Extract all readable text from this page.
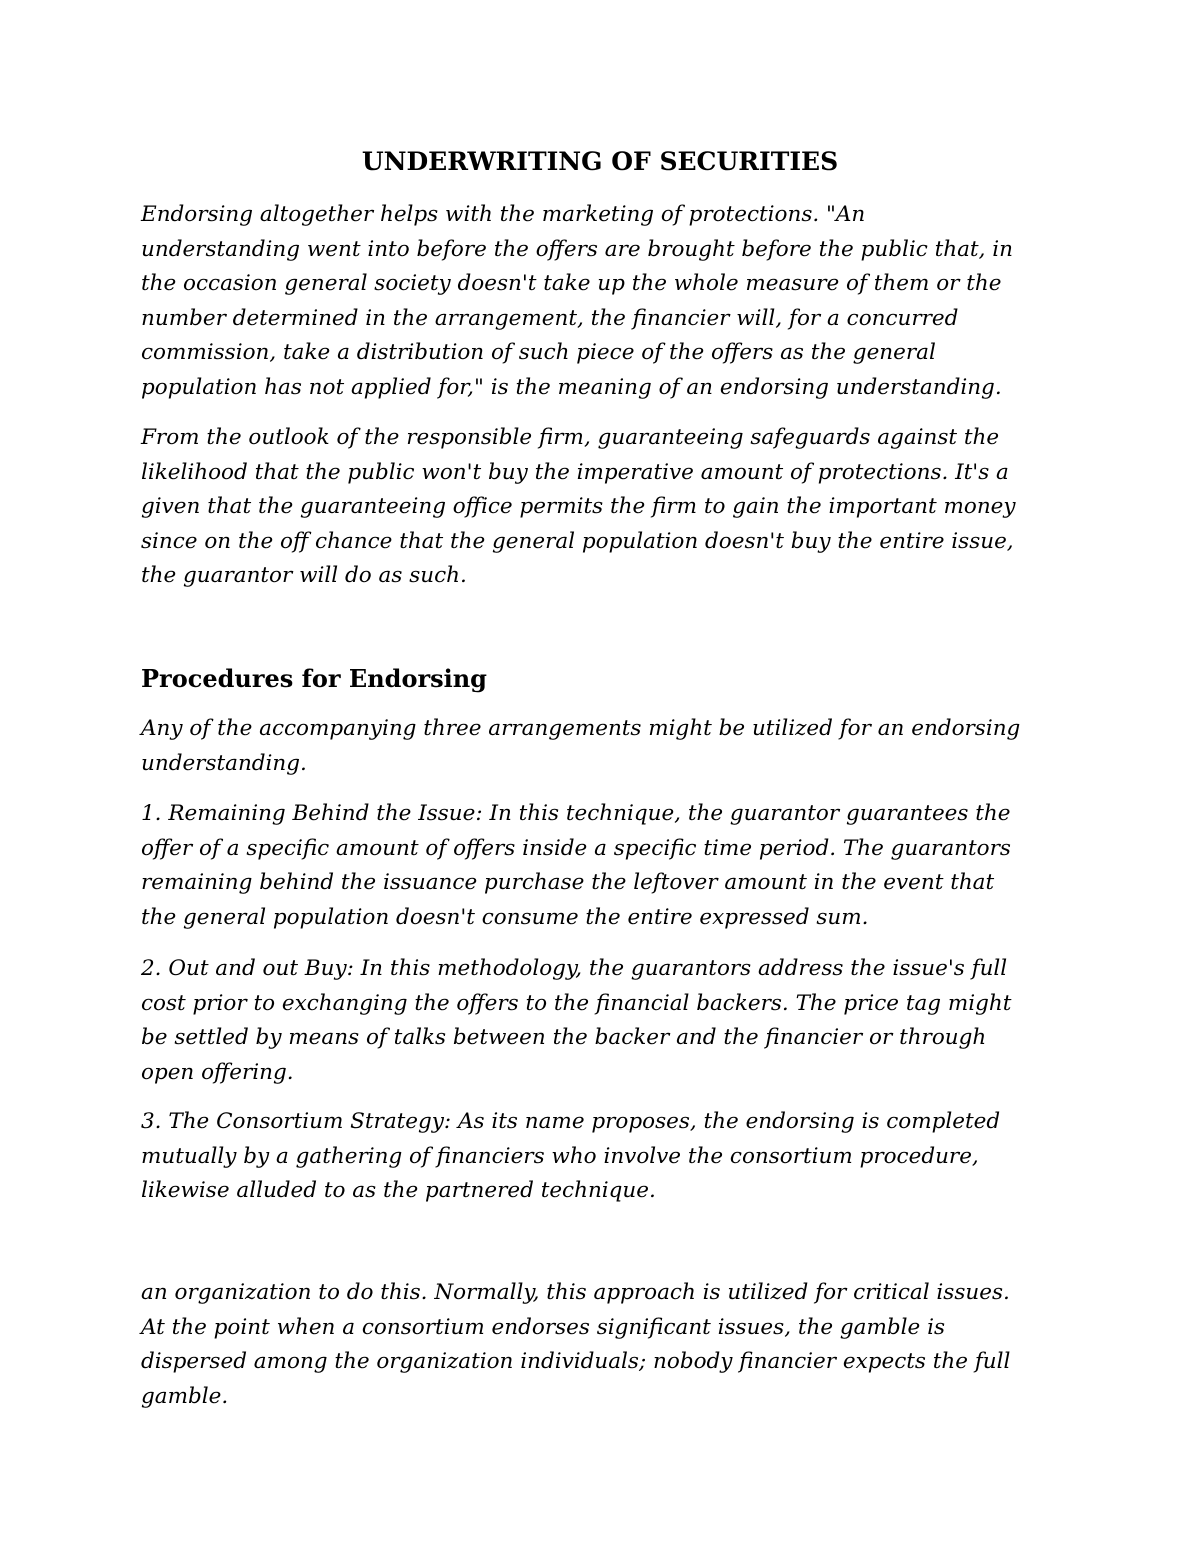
UNDERWRITING OF SECURITIES

Endorsing altogether helps with the marketing of protections. "An
understanding went into before the offers are brought before the public that, in
the occasion general society doesn't take up the whole measure of them or the
number determined in the arrangement, the financier will, for a concurred
commission, take a distribution of such piece of the offers as the general
population has not applied for," is the meaning of an endorsing understanding.

From the outlook of the responsible firm, guaranteeing safeguards against the
likelihood that the public won't buy the imperative amount of protections. It's a
given that the guaranteeing office permits the firm to gain the important money
since on the off chance that the general population doesn't buy the entire issue,
the guarantor will do as such.

Procedures for Endorsing

Any of the accompanying three arrangements might be utilized for an endorsing
understanding.

1. Remaining Behind the Issue: In this technique, the guarantor guarantees the
offer of a specific amount of offers inside a specific time period. The guarantors
remaining behind the issuance purchase the leftover amount in the event that
the general population doesn't consume the entire expressed sum.

2. Out and out Buy: In this methodology, the guarantors address the issue's full
cost prior to exchanging the offers to the financial backers. The price tag might
be settled by means of talks between the backer and the financier or through
open offering.

3. The Consortium Strategy: As its name proposes, the endorsing is completed
mutually by a gathering of financiers who involve the consortium procedure,
likewise alluded to as the partnered technique.

an organization to do this. Normally, this approach is utilized for critical issues.
At the point when a consortium endorses significant issues, the gamble is
dispersed among the organization individuals; nobody financier expects the full
gamble.
